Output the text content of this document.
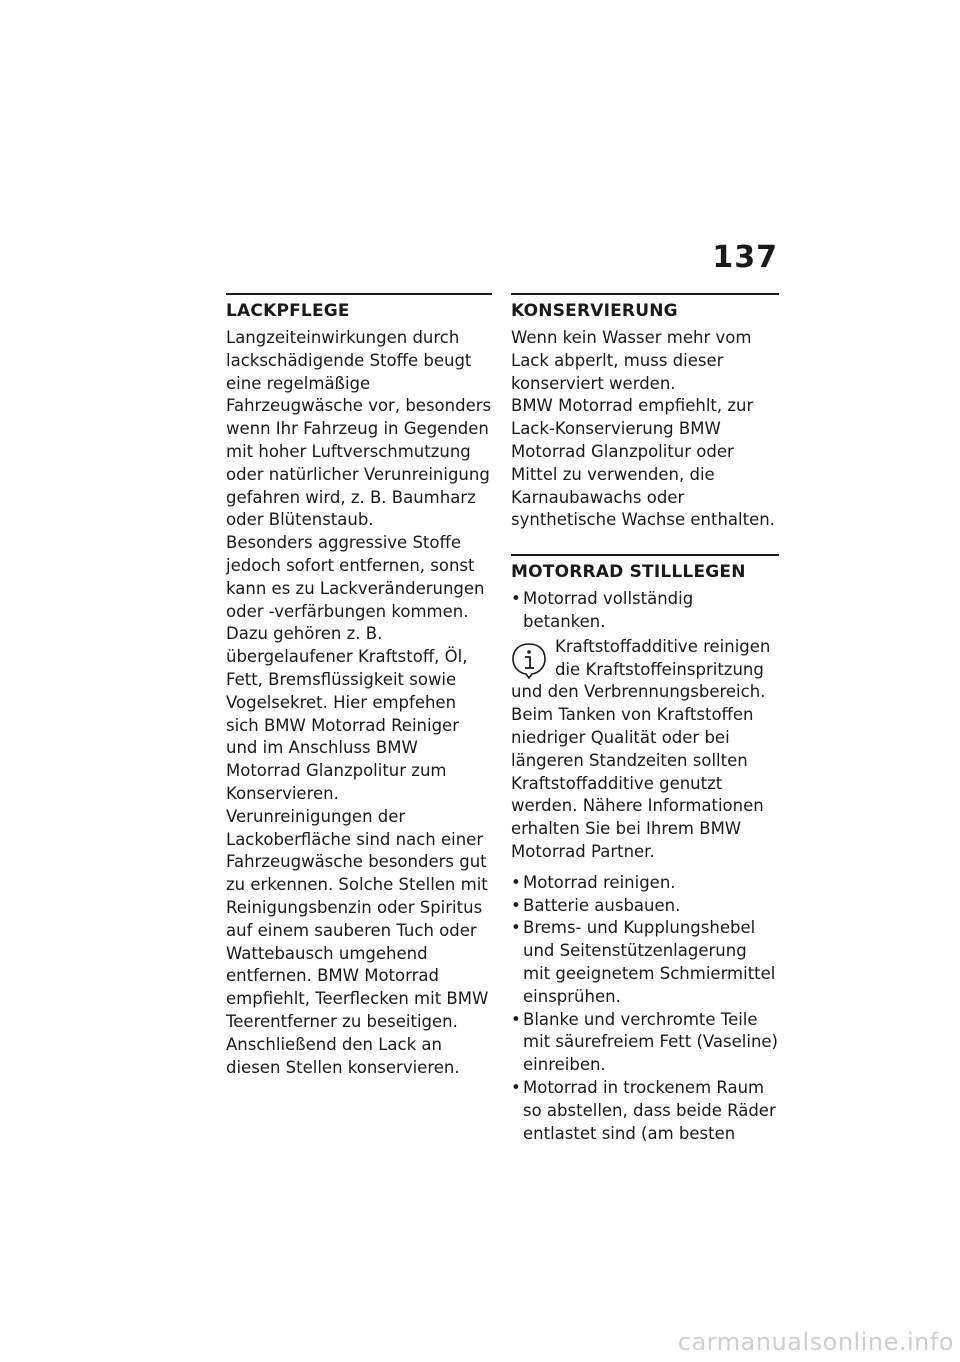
137
LACKPFLEGE

Langzeiteinwirkungen durch lackschädigende Stoffe beugt eine regelmäßige Fahrzeugwäsche vor, besonders wenn Ihr Fahrzeug in Gegenden mit hoher Luftverschmutzung oder natürlicher Verunreinigung gefahren wird, z. B. Baumharz oder Blütenstaub.

Besonders aggressive Stoffe jedoch sofort entfernen, sonst kann es zu Lackveränderungen oder -verfärbungen kommen. Dazu gehören z. B. übergelaufener Kraftstoff, Öl, Fett, Bremsflüssigkeit sowie Vogelsekret. Hier empfehen sich BMW Motorrad Reiniger und im Anschluss BMW Motorrad Glanzpolitur zum Konservieren.

Verunreinigungen der Lackoberfläche sind nach einer Fahrzeugwäsche besonders gut zu erkennen. Solche Stellen mit Reinigungsbenzin oder Spiritus auf einem sauberen Tuch oder Wattebausch umgehend entfernen. BMW Motorrad empfiehlt, Teerflecken mit BMW Teerentferner zu beseitigen. Anschließend den Lack an diesen Stellen konservieren.

KONSERVIERUNG

Wenn kein Wasser mehr vom Lack abperlt, muss dieser konserviert werden.

BMW Motorrad empfiehlt, zur Lack-Konservierung BMW Motorrad Glanzpolitur oder Mittel zu verwenden, die Karnaubawachs oder synthetische Wachse enthalten.

MOTORRAD STILLLEGEN
• Motorrad vollständig betanken.
Kraftstoffadditive reinigen die Kraftstoffeinspritzung und den Verbrennungsbereich. Beim Tanken von Kraftstoffen niedriger Qualität oder bei längeren Standzeiten sollten Kraftstoffadditive genutzt werden. Nähere Informationen erhalten Sie bei Ihrem BMW Motorrad Partner.
• Motorrad reinigen.
• Batterie ausbauen.
• Brems- und Kupplungshebel und Seitenstützenlagerung mit geeignetem Schmiermittel einsprühen.
• Blanke und verchromte Teile mit säurefreiem Fett (Vaseline) einreiben.
• Motorrad in trockenem Raum so abstellen, dass beide Räder entlastet sind (am besten
carmanualsonline.info
